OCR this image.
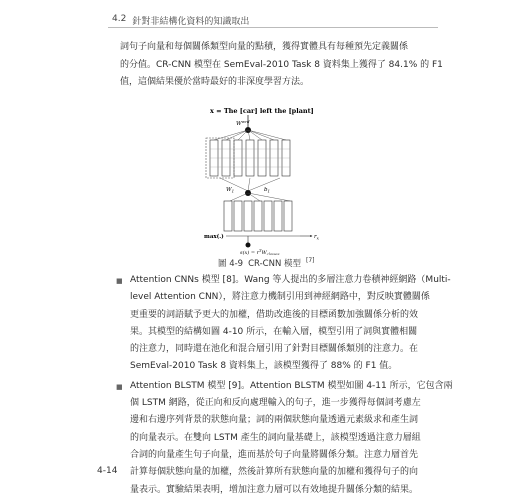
4.2 針對非結構化資料的知識取出
詞句子向量和每個關係類型向量的點積，獲得實體具有每種預先定義關係
的分值。CR-CNN 模型在 SemEval-2010 Task 8 資料集上獲得了 84.1% 的 F1
值，這個結果優於當時最好的非深度學習方法。
x = The [car] left the [plant]
$W^{wrd}$
$W_1$	$b_1$
max(.)	$r_x$
$s(x) = r^TW_{classes}$
圖 4-9 CR-CNN 模型 [7]
■ Attention CNNs 模型 [8]。Wang 等人提出的多層注意力卷積神經網路（Multi-
level Attention CNN），將注意力機制引用到神經網路中，對反映實體關係
更重要的詞語賦予更大的加權，借助改進後的目標函數加強關係分析的效
果。其模型的結構如圖 4-10 所示，在輸入層，模型引用了詞與實體相關
的注意力，同時還在池化和混合層引用了針對目標關係類別的注意力。在
SemEval-2010 Task 8 資料集上，該模型獲得了 88% 的 F1 值。
■ Attention BLSTM 模型 [9]。Attention BLSTM 模型如圖 4-11 所示，它包含兩
個 LSTM 網路，從正向和反向處理輸入的句子，進一步獲得每個詞考慮左
邊和右邊序列背景的狀態向量；詞的兩個狀態向量透過元素級求和產生詞
的向量表示。在雙向 LSTM 產生的詞向量基礎上，該模型透過注意力層組
合詞的向量產生句子向量，進而基於句子向量將關係分類。注意力層首先
計算每個狀態向量的加權，然後計算所有狀態向量的加權和獲得句子的向
量表示。實驗結果表明，增加注意力層可以有效地提升關係分類的結果。
4-14
